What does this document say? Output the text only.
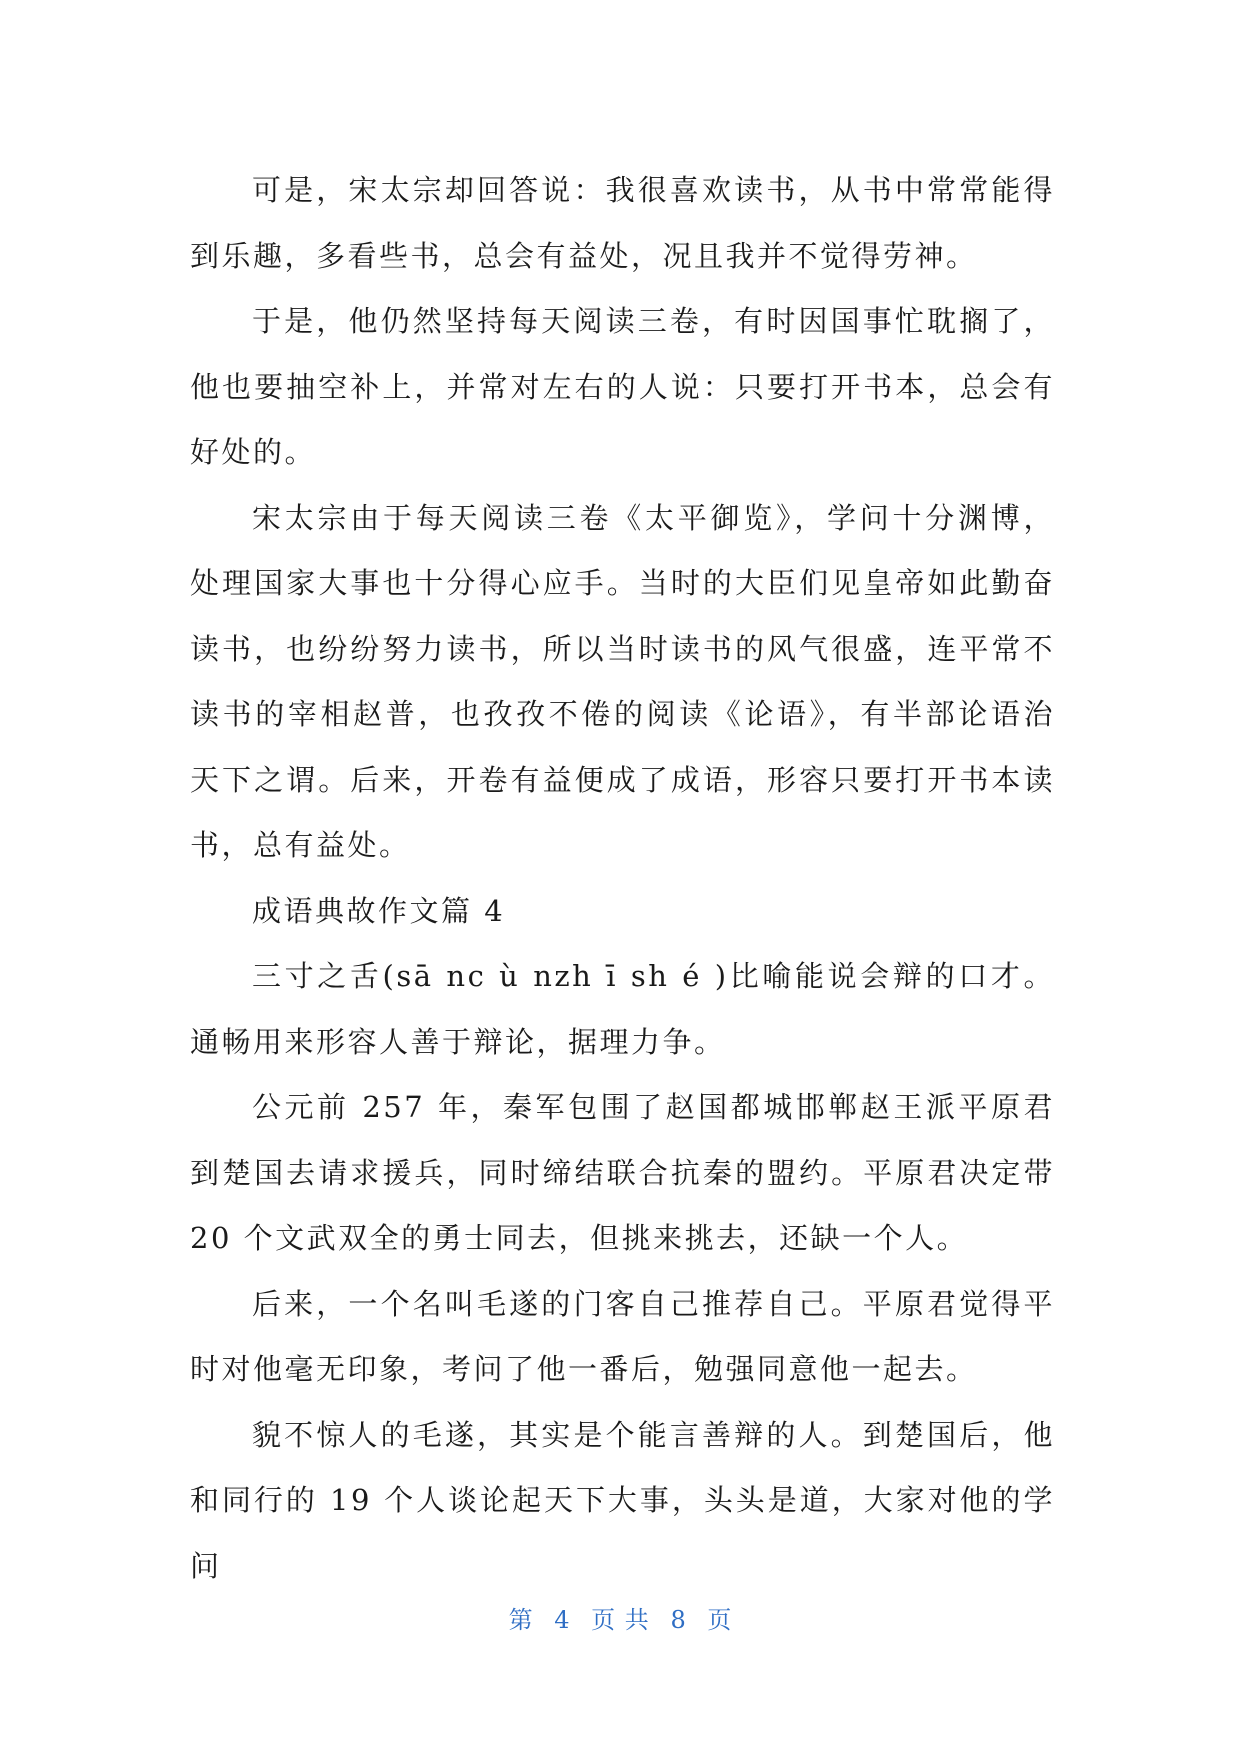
可是，宋太宗却回答说：我很喜欢读书，从书中常常能得到乐趣，多看些书，总会有益处，况且我并不觉得劳神。

于是，他仍然坚持每天阅读三卷，有时因国事忙耽搁了，他也要抽空补上，并常对左右的人说：只要打开书本，总会有好处的。

宋太宗由于每天阅读三卷《太平御览》，学问十分渊博，处理国家大事也十分得心应手。当时的大臣们见皇帝如此勤奋读书，也纷纷努力读书，所以当时读书的风气很盛，连平常不读书的宰相赵普，也孜孜不倦的阅读《论语》，有半部论语治天下之谓。后来，开卷有益便成了成语，形容只要打开书本读书，总有益处。

成语典故作文篇 4

三寸之舌(sā nc ù nzh ī sh é )比喻能说会辩的口才。通畅用来形容人善于辩论，据理力争。

公元前 257 年，秦军包围了赵国都城邯郸赵王派平原君到楚国去请求援兵，同时缔结联合抗秦的盟约。平原君决定带 20 个文武双全的勇士同去，但挑来挑去，还缺一个人。

后来，一个名叫毛遂的门客自己推荐自己。平原君觉得平时对他毫无印象，考问了他一番后，勉强同意他一起去。

貌不惊人的毛遂，其实是个能言善辩的人。到楚国后，他和同行的 19 个人谈论起天下大事，头头是道，大家对他的学问

第 4 页 共 8 页
